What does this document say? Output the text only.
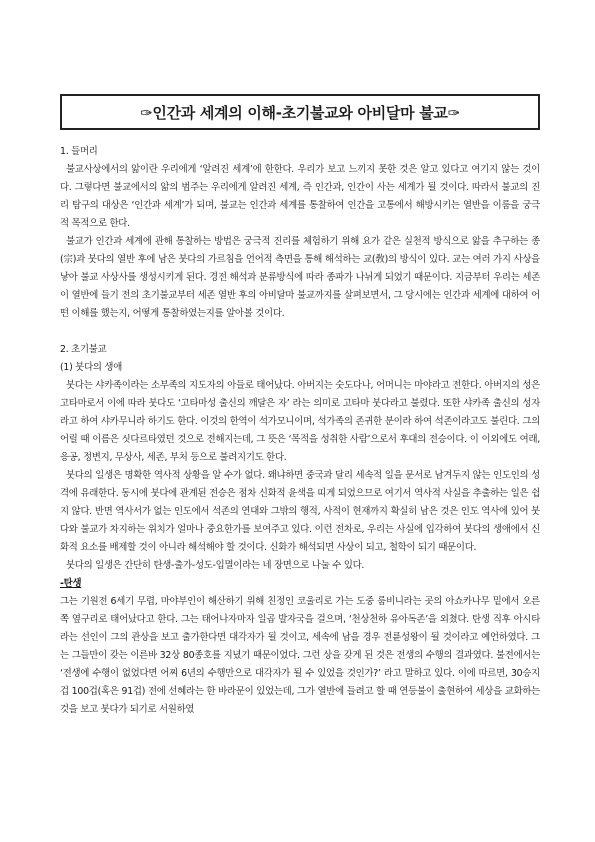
✑인간과 세계의 이해-초기불교와 아비달마 불교✑

1. 들머리

불교사상에서의 앎이란 우리에게 ‘알려진 세계’에 한한다. 우리가 보고 느끼지 못한 것은 알고 있다고 여기지 않는 것이다. 그렇다면 불교에서의 앎의 범주는 우리에게 알려진 세계, 즉 인간과, 인간이 사는 세계가 될 것이다. 따라서 불교의 진리 탐구의 대상은 ‘인간과 세계’가 되며, 불교는 인간과 세계를 통찰하여 인간을 고통에서 해방시키는 열반을 이룸을 궁극적 목적으로 한다.

불교가 인간과 세계에 관해 통찰하는 방법은 궁극적 진리를 체험하기 위해 요가 같은 실천적 방식으로 앎을 추구하는 종(宗)과 붓다의 열반 후에 남은 붓다의 가르침을 언어적 측면을 통해 해석하는 교(敎)의 방식이 있다. 교는 여러 가지 사상을 낳아 불교 사상사를 생성시키게 된다. 경전 해석과 분류방식에 따라 종파가 나뉘게 되었기 때문이다. 지금부터 우리는 세존이 열반에 들기 전의 초기불교부터 세존 열반 후의 아비달마 불교까지를 살펴보면서, 그 당시에는 인간과 세계에 대하여 어떤 이해를 했는지, 어떻게 통찰하였는지를 알아볼 것이다.

2. 초기불교

(1) 붓다의 생애

붓다는 샤카족이라는 소부족의 지도자의 아들로 태어났다. 아버지는 숫도다나, 어머니는 마야라고 전한다. 아버지의 성은 고타마로서 이에 따라 붓다도 ‘고타마성 출신의 깨달은 자’ 라는 의미로 고타마 붓다라고 불렸다. 또한 샤카족 출신의 성자라고 하여 샤카무니라 하기도 한다. 이것의 한역이 석가모니이며, 석가족의 존귀한 분이라 하여 석존이라고도 불린다. 그의 어릴 때 이름은 싯다르타였던 것으로 전해지는데, 그 뜻은 ‘목적을 성취한 사람’으로서 후대의 전승이다. 이 이외에도 여래, 응공, 정변지, 무상사, 세존, 부처 등으로 불려지기도 한다.

붓다의 일생은 명확한 역사적 상황을 알 수가 없다. 왜냐하면 중국과 달리 세속적 일을 문서로 남겨두지 않는 인도인의 성격에 유래한다. 동시에 붓다에 관계된 전승은 점차 신화적 윤색을 띠게 되었으므로 여기서 역사적 사실을 추출하는 일은 쉽지 않다. 반면 역사서가 없는 인도에서 석존의 연대와 그밖의 행적, 사적이 현재까지 확실히 남은 것은 인도 역사에 있어 붓다와 불교가 차지하는 위치가 얼마나 중요한가를 보여주고 있다. 이런 전차로, 우리는 사실에 입각하여 붓다의 생애에서 신화적 요소를 배제할 것이 아니라 해석해야 할 것이다. 신화가 해석되면 사상이 되고, 철학이 되기 때문이다.

붓다의 일생은 간단히 탄생-출가-성도-입멸이라는 네 장면으로 나눌 수 있다.

-탄생

그는 기원전 6세기 무렵, 마야부인이 해산하기 위해 친정인 코울리로 가는 도중 룸비니라는 곳의 아쇼카나무 밑에서 오른쪽 옆구리로 태어났다고 한다. 그는 태어나자마자 일곱 발자국을 걸으며, ‘천상천하 유아독존’을 외쳤다. 탄생 직후 아시타라는 선인이 그의 관상을 보고 출가한다면 대각자가 될 것이고, 세속에 남을 경우 전륜성왕이 될 것이라고 예언하였다. 그는 그들만이 갖는 이른바 32상 80종호를 지녔기 때문이었다. 그런 상을 갖게 된 것은 전생의 수행의 결과였다. 불전에서는 ‘전생에 수행이 없었다면 어찌 6년의 수행만으로 대각자가 될 수 있었을 것인가?’ 라고 말하고 있다. 이에 따르면, 30승지겁 100겁(혹은 91겁) 전에 선혜라는 한 바라문이 있었는데, 그가 열반에 들려고 할 때 연등불이 출현하여 세상을 교화하는 것을 보고 붓다가 되기로 서원하였
